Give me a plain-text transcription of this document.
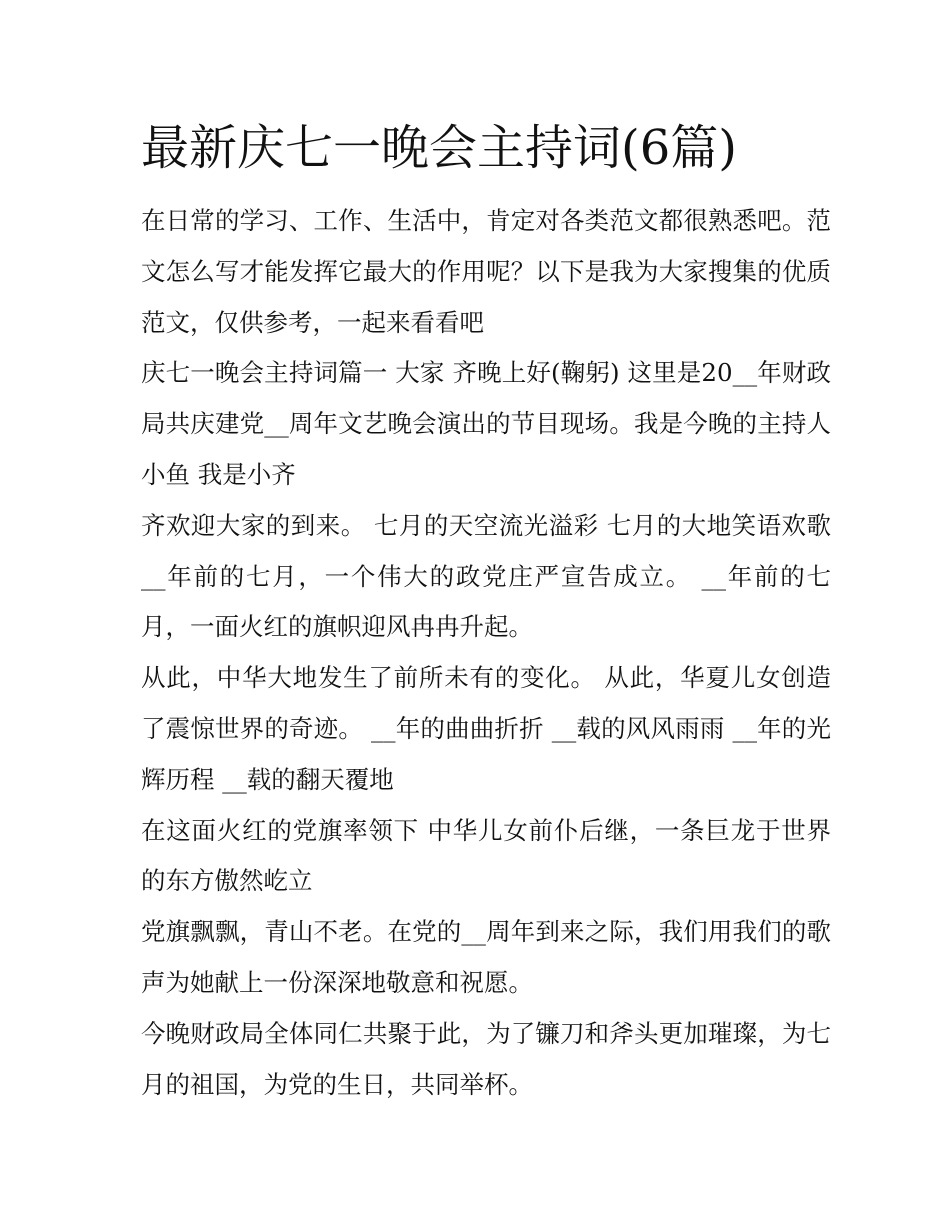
最新庆七一晚会主持词(6篇)

在日常的学习、工作、生活中，肯定对各类范文都很熟悉吧。范文怎么写才能发挥它最大的作用呢？以下是我为大家搜集的优质范文，仅供参考，一起来看看吧

庆七一晚会主持词篇一 大家 齐晚上好(鞠躬) 这里是20__年财政局共庆建党__周年文艺晚会演出的节目现场。我是今晚的主持人小鱼 我是小齐

齐欢迎大家的到来。 七月的天空流光溢彩 七月的大地笑语欢歌 __年前的七月，一个伟大的政党庄严宣告成立。 __年前的七月，一面火红的旗帜迎风冉冉升起。

从此，中华大地发生了前所未有的变化。 从此，华夏儿女创造了震惊世界的奇迹。 __年的曲曲折折 __载的风风雨雨 __年的光辉历程 __载的翻天覆地

在这面火红的党旗率领下 中华儿女前仆后继，一条巨龙于世界的东方傲然屹立

党旗飘飘，青山不老。在党的__周年到来之际，我们用我们的歌声为她献上一份深深地敬意和祝愿。

今晚财政局全体同仁共聚于此，为了镰刀和斧头更加璀璨，为七月的祖国，为党的生日，共同举杯。
